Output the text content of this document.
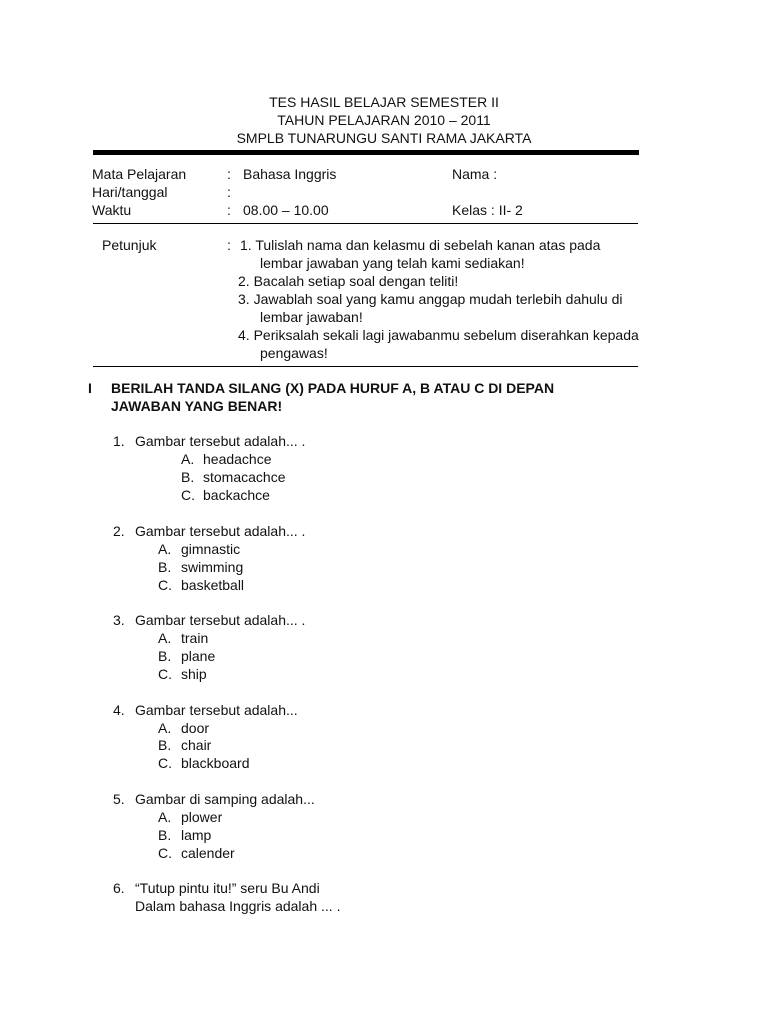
TES HASIL BELAJAR SEMESTER II
TAHUN PELAJARAN 2010 – 2011
SMPLB TUNARUNGU SANTI RAMA JAKARTA
Mata Pelajaran	: Bahasa Inggris	Nama :
Hari/tanggal	:
Waktu	: 08.00 – 10.00	Kelas : II- 2
Petunjuk	: 1. Tulislah nama dan kelasmu di sebelah kanan atas pada
lembar jawaban yang telah kami sediakan!
2. Bacalah setiap soal dengan teliti!
3. Jawablah soal yang kamu anggap mudah terlebih dahulu di
lembar jawaban!
4. Periksalah sekali lagi jawabanmu sebelum diserahkan kepada
pengawas!
I BERILAH TANDA SILANG (X) PADA HURUF A, B ATAU C DI DEPAN
JAWABAN YANG BENAR!
1. Gambar tersebut adalah... .
A. headachce
B. stomacachce
C. backachce
2. Gambar tersebut adalah... .
A. gimnastic
B. swimming
C. basketball
3. Gambar tersebut adalah... .
A. train
B. plane
C. ship
4. Gambar tersebut adalah...
A. door
B. chair
C. blackboard
5. Gambar di samping adalah...
A. plower
B. lamp
C. calender
6. “Tutup pintu itu!” seru Bu Andi
Dalam bahasa Inggris adalah ... .
